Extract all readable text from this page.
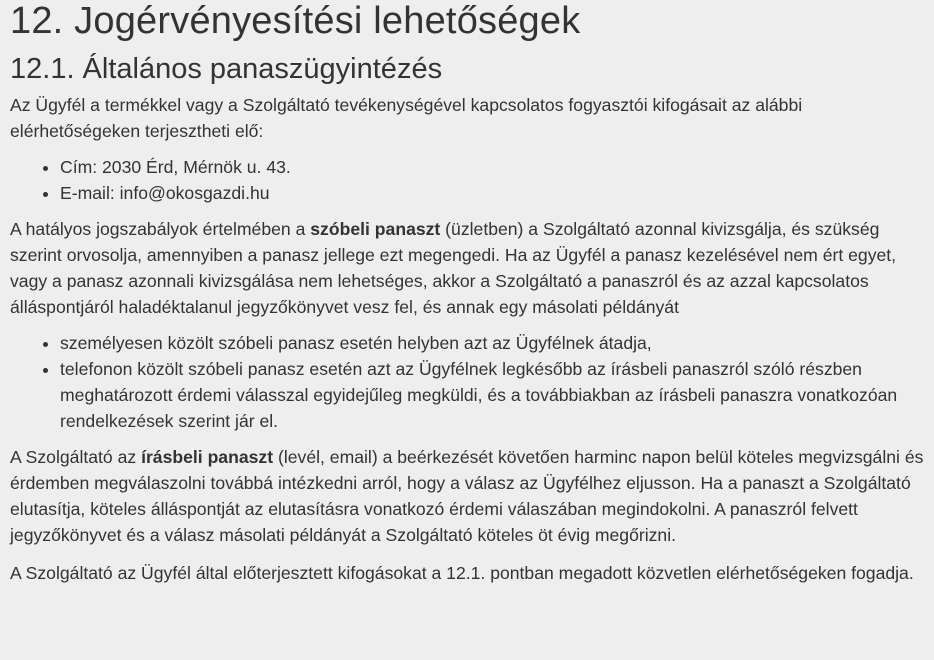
12. Jogérvényesítési lehetőségek
12.1. Általános panaszügyintézés

Az Ügyfél a termékkel vagy a Szolgáltató tevékenységével kapcsolatos fogyasztói kifogásait az alábbi elérhetőségeken terjesztheti elő:

• Cím: 2030 Érd, Mérnök u. 43.
• E-mail: info@okosgazdi.hu

A hatályos jogszabályok értelmében a szóbeli panaszt (üzletben) a Szolgáltató azonnal kivizsgálja, és szükség szerint orvosolja, amennyiben a panasz jellege ezt megengedi. Ha az Ügyfél a panasz kezelésével nem ért egyet, vagy a panasz azonnali kivizsgálása nem lehetséges, akkor a Szolgáltató a panaszról és az azzal kapcsolatos álláspontjáról haladéktalanul jegyzőkönyvet vesz fel, és annak egy másolati példányát

• személyesen közölt szóbeli panasz esetén helyben azt az Ügyfélnek átadja,
• telefonon közölt szóbeli panasz esetén azt az Ügyfélnek legkésőbb az írásbeli panaszról szóló részben meghatározott érdemi válasszal egyidejűleg megküldi, és a továbbiakban az írásbeli panaszra vonatkozóan rendelkezések szerint jár el.

A Szolgáltató az írásbeli panaszt (levél, email) a beérkezését követően harminc napon belül köteles megvizsgálni és érdemben megválaszolni továbbá intézkedni arról, hogy a válasz az Ügyfélhez eljusson. Ha a panaszt a Szolgáltató elutasítja, köteles álláspontját az elutasításra vonatkozó érdemi válaszában megindokolni. A panaszról felvett jegyzőkönyvet és a válasz másolati példányát a Szolgáltató köteles öt évig megőrizni.

A Szolgáltató az Ügyfél által előterjesztett kifogásokat a 12.1. pontban megadott közvetlen elérhetőségeken fogadja.
